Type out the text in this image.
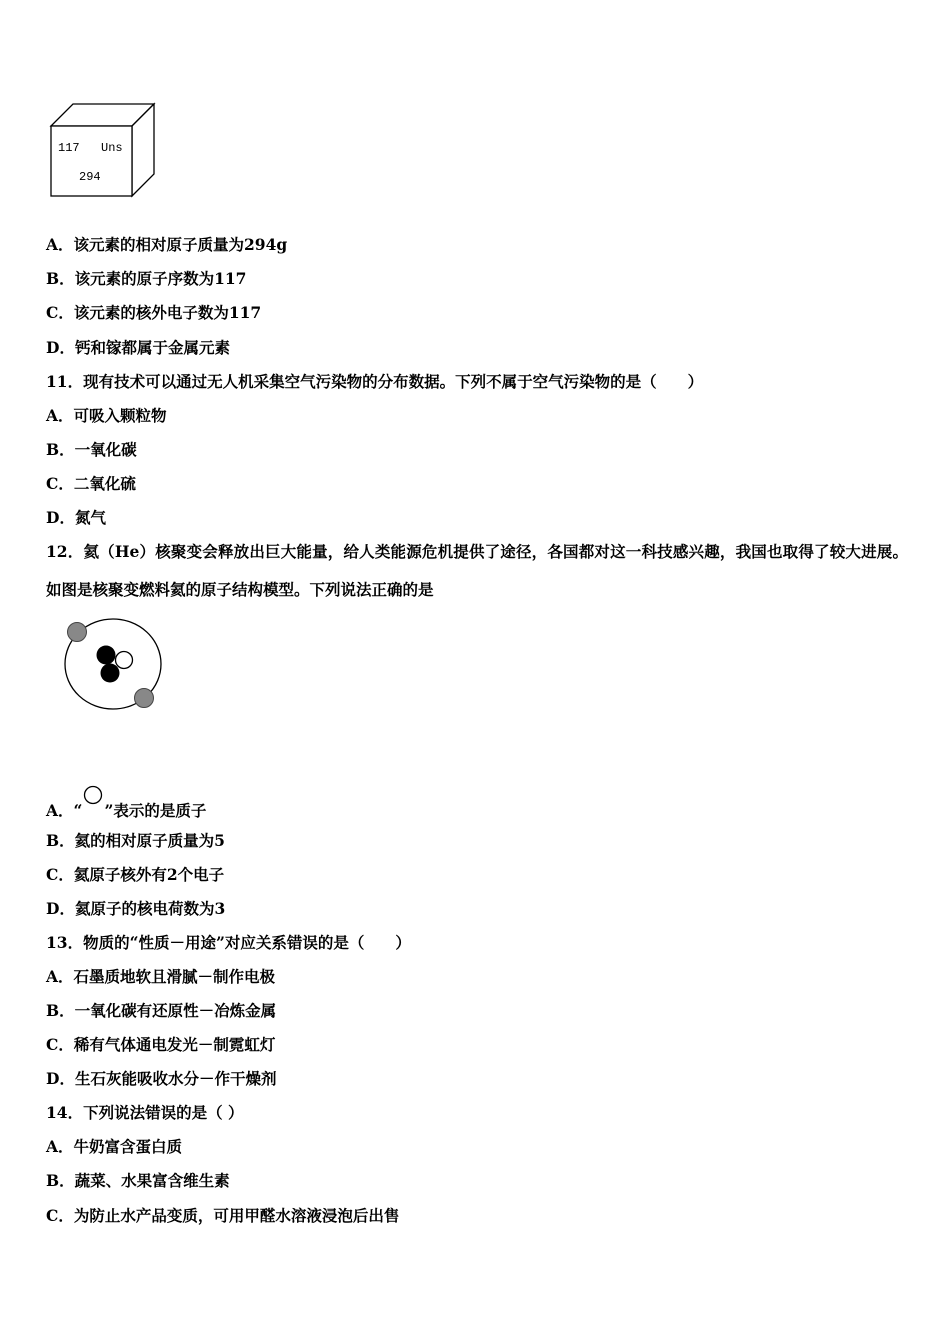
117 Uns
294
A．该元素的相对原子质量为294g
B．该元素的原子序数为117
C．该元素的核外电子数为117
D．钙和镓都属于金属元素
11．现有技术可以通过无人机采集空气污染物的分布数据。下列不属于空气污染物的是（　　）
A．可吸入颗粒物
B．一氧化碳
C．二氧化硫
D．氮气
12．氦（He）核聚变会释放出巨大能量，给人类能源危机提供了途径，各国都对这一科技感兴趣，我国也取得了较大进展。如图是核聚变燃料氦的原子结构模型。下列说法正确的是
A．“ ”表示的是质子
B．氦的相对原子质量为5
C．氦原子核外有2个电子
D．氦原子的核电荷数为3
13．物质的“性质－用途”对应关系错误的是（　　）
A．石墨质地软且滑腻－制作电极
B．一氧化碳有还原性－冶炼金属
C．稀有气体通电发光－制霓虹灯
D．生石灰能吸收水分－作干燥剂
14．下列说法错误的是（ ）
A．牛奶富含蛋白质
B．蔬菜、水果富含维生素
C．为防止水产品变质，可用甲醛水溶液浸泡后出售
